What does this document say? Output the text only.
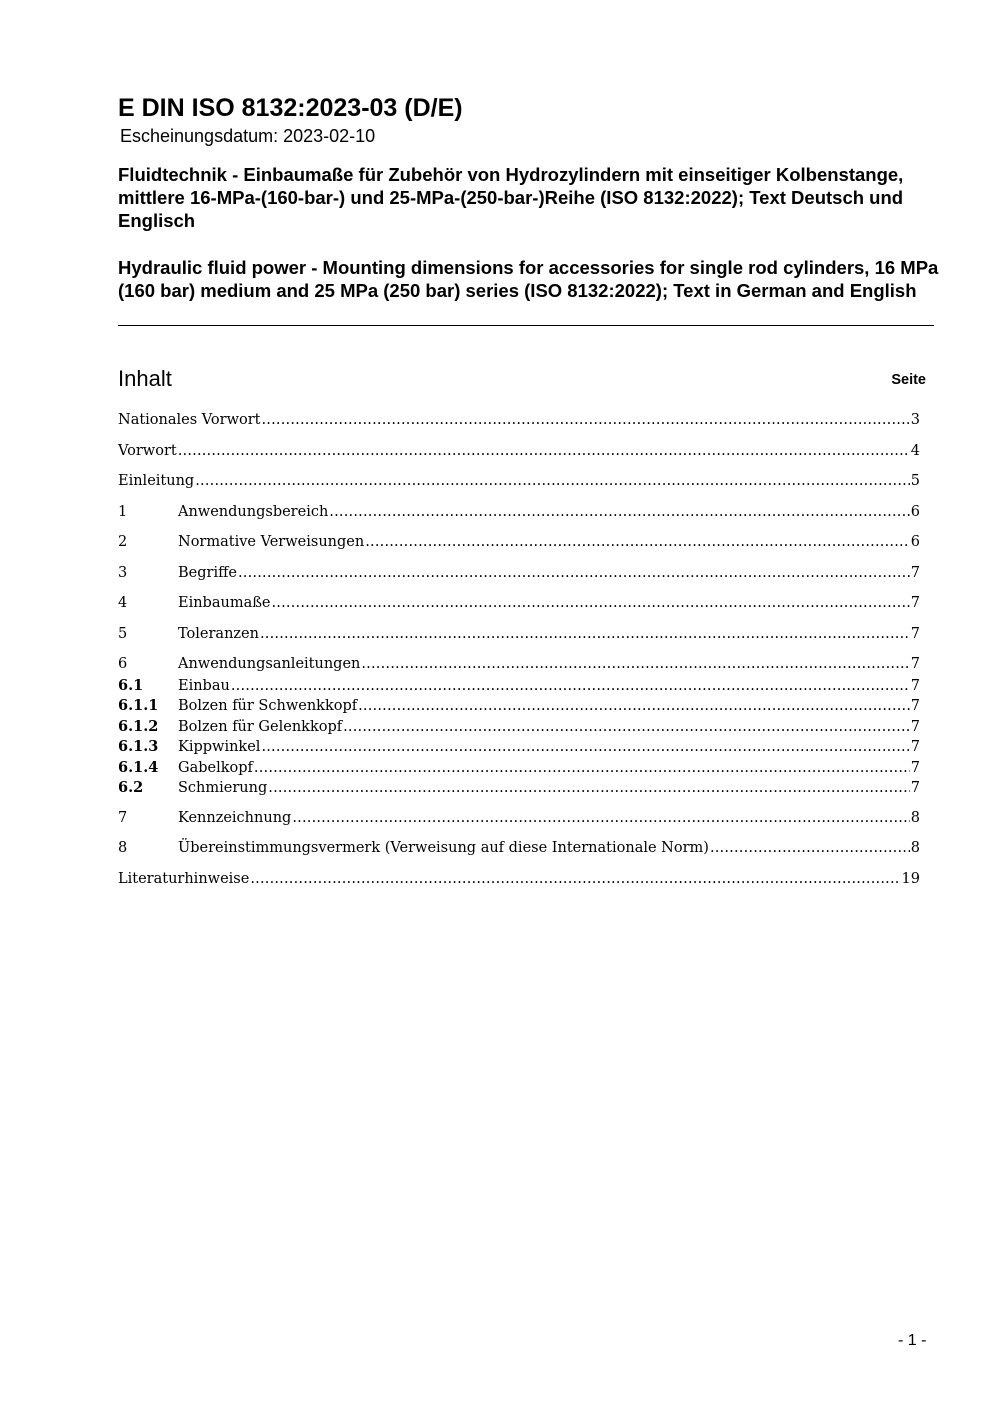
E DIN ISO 8132:2023-03 (D/E)
Escheinungsdatum: 2023-02-10
Fluidtechnik - Einbaumaße für Zubehör von Hydrozylindern mit einseitiger Kolbenstange, mittlere 16-MPa-(160-bar-) und 25-MPa-(250-bar-)Reihe (ISO 8132:2022); Text Deutsch und Englisch
Hydraulic fluid power - Mounting dimensions for accessories for single rod cylinders, 16 MPa (160 bar) medium and 25 MPa (250 bar) series (ISO 8132:2022); Text in German and English
Inhalt	Seite
Nationales Vorwort .....	3
Vorwort .....	4
Einleitung .....	5
1	Anwendungsbereich .....	6
2	Normative Verweisungen .....	6
3	Begriffe .....	7
4	Einbaumaße .....	7
5	Toleranzen .....	7
6	Anwendungsanleitungen .....	7
6.1	Einbau .....	7
6.1.1	Bolzen für Schwenkkopf .....	7
6.1.2	Bolzen für Gelenkkopf .....	7
6.1.3	Kippwinkel .....	7
6.1.4	Gabelkopf .....	7
6.2	Schmierung .....	7
7	Kennzeichnung .....	8
8	Übereinstimmungsvermerk (Verweisung auf diese Internationale Norm) .....	8
Literaturhinweise .....	19
- 1 -
